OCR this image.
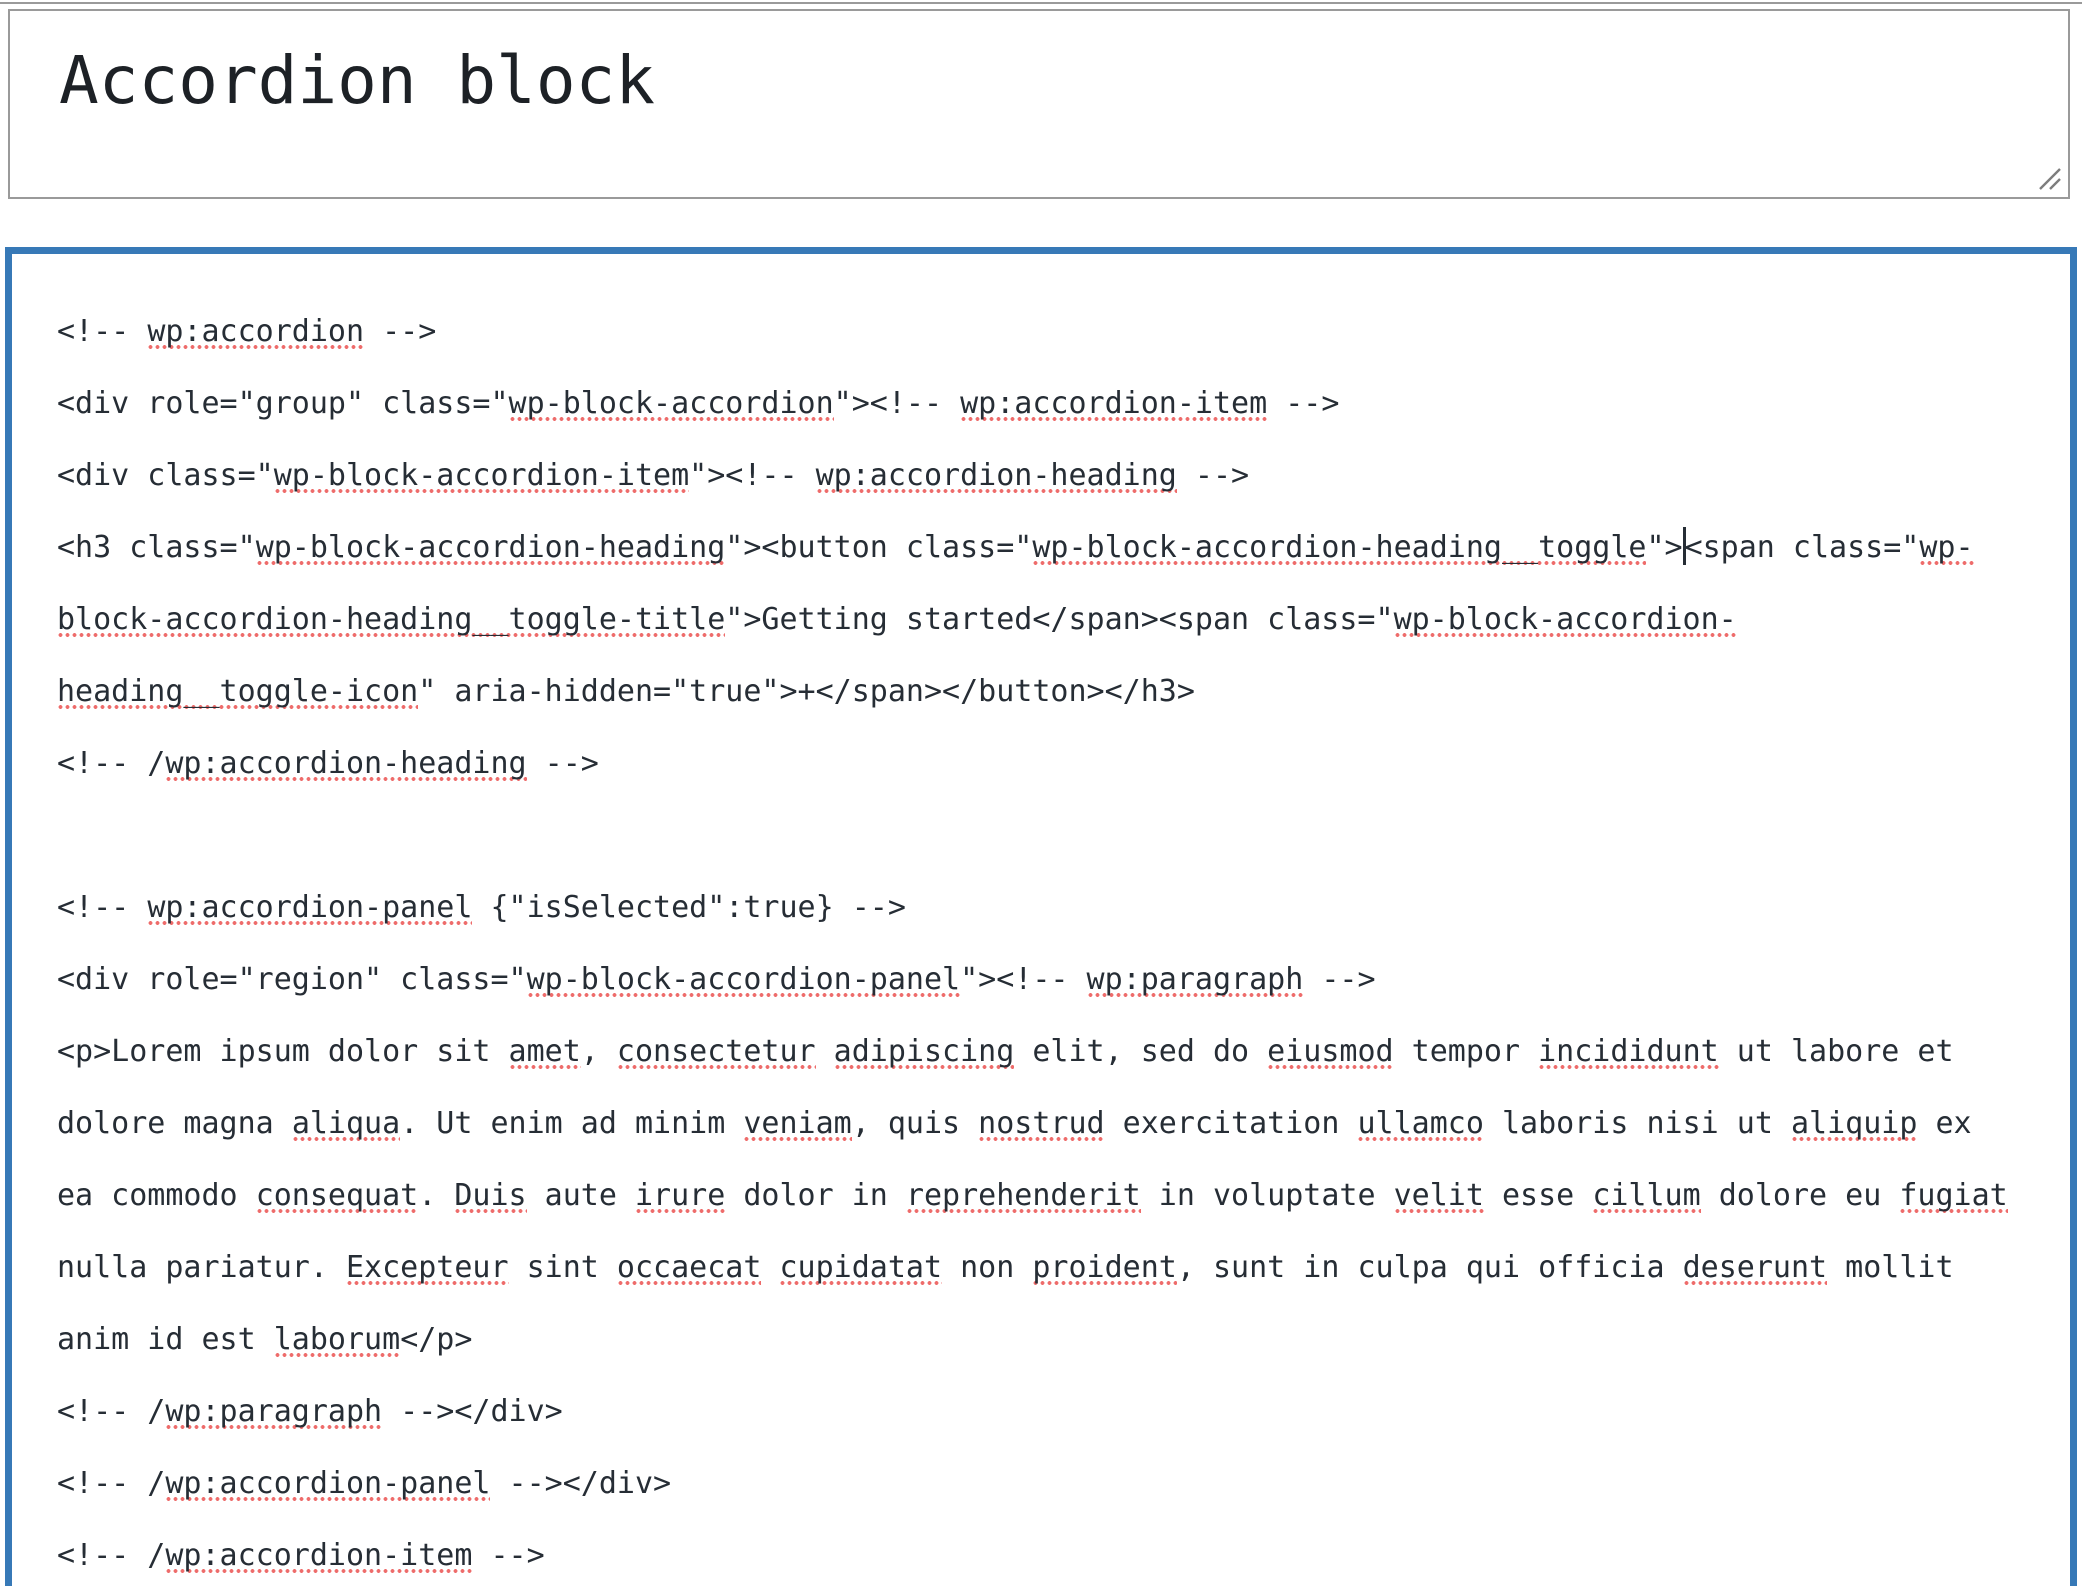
Accordion block
<!-- wp:accordion -->
<div role="group" class="wp-block-accordion"><!-- wp:accordion-item -->
<div class="wp-block-accordion-item"><!-- wp:accordion-heading -->
<h3 class="wp-block-accordion-heading"><button class="wp-block-accordion-heading__toggle"><span class="wp-
block-accordion-heading__toggle-title">Getting started</span><span class="wp-block-accordion-
heading__toggle-icon" aria-hidden="true">+</span></button></h3>
<!-- /wp:accordion-heading -->
<!-- wp:accordion-panel {"isSelected":true} -->
<div role="region" class="wp-block-accordion-panel"><!-- wp:paragraph -->
<p>Lorem ipsum dolor sit amet, consectetur adipiscing elit, sed do eiusmod tempor incididunt ut labore et
dolore magna aliqua. Ut enim ad minim veniam, quis nostrud exercitation ullamco laboris nisi ut aliquip ex
ea commodo consequat. Duis aute irure dolor in reprehenderit in voluptate velit esse cillum dolore eu fugiat
nulla pariatur. Excepteur sint occaecat cupidatat non proident, sunt in culpa qui officia deserunt mollit
anim id est laborum</p>
<!-- /wp:paragraph --></div>
<!-- /wp:accordion-panel --></div>
<!-- /wp:accordion-item -->
